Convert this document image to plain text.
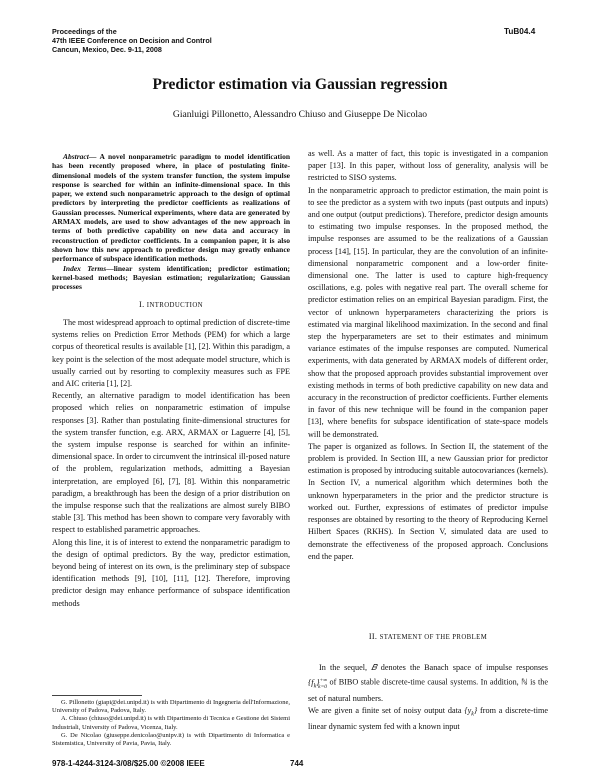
Proceedings of the
47th IEEE Conference on Decision and Control
Cancun, Mexico, Dec. 9-11, 2008
TuB04.4
Predictor estimation via Gaussian regression
Gianluigi Pillonetto, Alessandro Chiuso and Giuseppe De Nicolao

Abstract— A novel nonparametric paradigm to model identification has been recently proposed where, in place of postulating finite-dimensional models of the system transfer function, the system impulse response is searched for within an infinite-dimensional space. In this paper, we extend such nonparametric approach to the design of optimal predictors by interpreting the predictor coefficients as realizations of Gaussian processes. Numerical experiments, where data are generated by ARMAX models, are used to show advantages of the new approach in terms of both predictive capability on new data and accuracy in reconstruction of predictor coefficients. In a companion paper, it is also shown how this new approach to predictor design may greatly enhance performance of subspace identification methods.

Index Terms—linear system identification; predictor estimation; kernel-based methods; Bayesian estimation; regularization; Gaussian processes

I. INTRODUCTION

The most widespread approach to optimal prediction of discrete-time systems relies on Prediction Error Methods (PEM) for which a large corpus of theoretical results is available [1], [2]. Within this paradigm, a key point is the selection of the most adequate model structure, which is usually carried out by resorting to complexity measures such as FPE and AIC criteria [1], [2].

Recently, an alternative paradigm to model identification has been proposed which relies on nonparametric estimation of impulse responses [3]. Rather than postulating finite-dimensional structures for the system transfer function, e.g. ARX, ARMAX or Laguerre [4], [5], the system impulse response is searched for within an infinite-dimensional space. In order to circumvent the intrinsical ill-posed nature of the problem, regularization methods, admitting a Bayesian interpretation, are employed [6], [7], [8]. Within this nonparametric paradigm, a breakthrough has been the design of a prior distribution on the impulse response such that the realizations are almost surely BIBO stable [3]. This method has been shown to compare very favorably with respect to established parametric approaches.

Along this line, it is of interest to extend the nonparametric paradigm to the design of optimal predictors. By the way, predictor estimation, beyond being of interest on its own, is the preliminary step of subspace identification methods [9], [10], [11], [12]. Therefore, improving predictor design may enhance performance of subspace identification methods

G. Pillonetto (giapi@dei.unipd.it) is with Dipartimento di Ingegneria dell'Informazione, University of Padova, Padova, Italy.

A. Chiuso (chiuso@dei.unipd.it) is with Dipartimento di Tecnica e Gestione dei Sistemi Industriali, University of Padova, Vicenza, Italy.

G. De Nicolao (giuseppe.denicolao@unipv.it) is with Dipartimento di Informatica e Sistemistica, University of Pavia, Pavia, Italy.

as well. As a matter of fact, this topic is investigated in a companion paper [13]. In this paper, without loss of generality, analysis will be restricted to SISO systems.

In the nonparametric approach to predictor estimation, the main point is to see the predictor as a system with two inputs (past outputs and inputs) and one output (output predictions). Therefore, predictor design amounts to estimating two impulse responses. In the proposed method, the impulse responses are assumed to be the realizations of a Gaussian process [14], [15]. In particular, they are the convolution of an infinite-dimensional nonparametric component and a low-order finite-dimensional one. The latter is used to capture high-frequency oscillations, e.g. poles with negative real part. The overall scheme for predictor estimation relies on an empirical Bayesian paradigm. First, the vector of unknown hyperparameters characterizing the priors is estimated via marginal likelihood maximization. In the second and final step the hyperparameters are set to their estimates and minimum variance estimates of the impulse responses are computed. Numerical experiments, with data generated by ARMAX models of different order, show that the proposed approach provides substantial improvement over existing methods in terms of both predictive capability on new data and accuracy in the reconstruction of predictor coefficients. Further elements in favor of this new technique will be found in the companion paper [13], where benefits for subspace identification of state-space models will be demonstrated.

The paper is organized as follows. In Section II, the statement of the problem is provided. In Section III, a new Gaussian prior for predictor estimation is proposed by introducing suitable autocovariances (kernels). In Section IV, a numerical algorithm which determines both the unknown hyperparameters in the prior and the predictor structure is worked out. Further, expressions of estimates of predictor impulse responses are obtained by resorting to the theory of Reproducing Kernel Hilbert Spaces (RKHS). In Section V, simulated data are used to demonstrate the effectiveness of the proposed approach. Conclusions end the paper.

II. STATEMENT OF THE PROBLEM

In the sequel, 𝐵 denotes the Banach space of impulse responses $\{f_k\}^{+\infty}_{k=0}$ of BIBO stable discrete-time causal systems. In addition, ℕ is the set of natural numbers.

We are given a finite set of noisy output data $\{y_k\}$ from a discrete-time linear dynamic system fed with a known input

978-1-4244-3124-3/08/$25.00 ©2008 IEEE	744
